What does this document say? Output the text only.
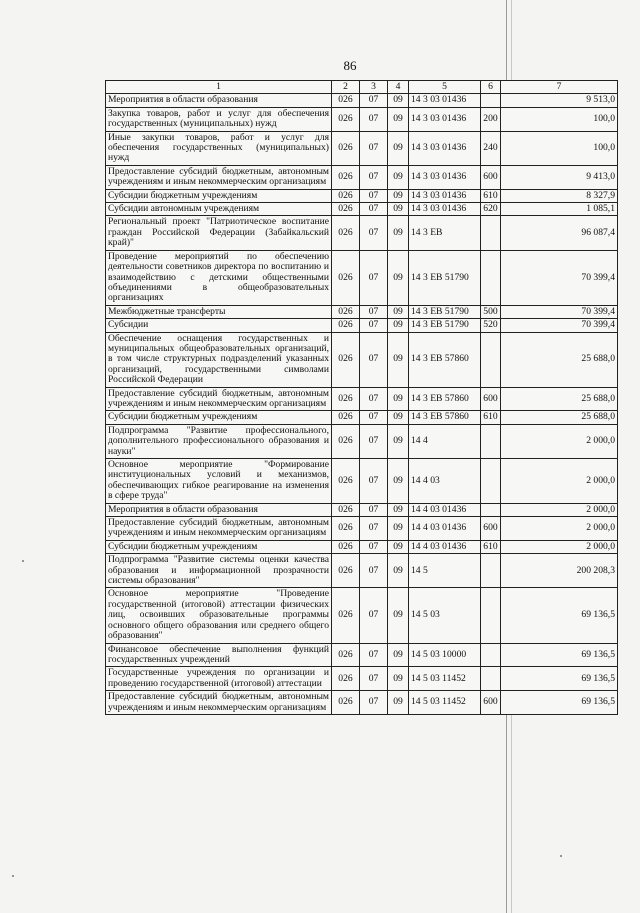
86
1	2	3	4	5	6	7
Мероприятия в области образования	026	07	09	14 3 03 01436		9 513,0
Закупка товаров, работ и услуг для обеспечения государственных (муниципальных) нужд	026	07	09	14 3 03 01436	200	100,0
Иные закупки товаров, работ и услуг для обеспечения государственных (муниципальных) нужд	026	07	09	14 3 03 01436	240	100,0
Предоставление субсидий бюджетным, автономным учреждениям и иным некоммерческим организациям	026	07	09	14 3 03 01436	600	9 413,0
Субсидии бюджетным учреждениям	026	07	09	14 3 03 01436	610	8 327,9
Субсидии автономным учреждениям	026	07	09	14 3 03 01436	620	1 085,1
Региональный проект "Патриотическое воспитание граждан Российской Федерации (Забайкальский край)"	026	07	09	14 3 ЕВ		96 087,4
Проведение мероприятий по обеспечению деятельности советников директора по воспитанию и взаимодействию с детскими общественными объединениями в общеобразовательных организациях	026	07	09	14 3 ЕВ 51790		70 399,4
Межбюджетные трансферты	026	07	09	14 3 ЕВ 51790	500	70 399,4
Субсидии	026	07	09	14 3 ЕВ 51790	520	70 399,4
Обеспечение оснащения государственных и муниципальных общеобразовательных организаций, в том числе структурных подразделений указанных организаций, государственными символами Российской Федерации	026	07	09	14 3 ЕВ 57860		25 688,0
Предоставление субсидий бюджетным, автономным учреждениям и иным некоммерческим организациям	026	07	09	14 3 ЕВ 57860	600	25 688,0
Субсидии бюджетным учреждениям	026	07	09	14 3 ЕВ 57860	610	25 688,0
Подпрограмма "Развитие профессионального, дополнительного профессионального образования и науки"	026	07	09	14 4		2 000,0
Основное мероприятие "Формирование институциональных условий и механизмов, обеспечивающих гибкое реагирование на изменения в сфере труда"	026	07	09	14 4 03		2 000,0
Мероприятия в области образования	026	07	09	14 4 03 01436		2 000,0
Предоставление субсидий бюджетным, автономным учреждениям и иным некоммерческим организациям	026	07	09	14 4 03 01436	600	2 000,0
Субсидии бюджетным учреждениям	026	07	09	14 4 03 01436	610	2 000,0
Подпрограмма "Развитие системы оценки качества образования и информационной прозрачности системы образования"	026	07	09	14 5		200 208,3
Основное мероприятие "Проведение государственной (итоговой) аттестации физических лиц, освоивших образовательные программы основного общего образования или среднего общего образования"	026	07	09	14 5 03		69 136,5
Финансовое обеспечение выполнения функций государственных учреждений	026	07	09	14 5 03 10000		69 136,5
Государственные учреждения по организации и проведению государственной (итоговой) аттестации	026	07	09	14 5 03 11452		69 136,5
Предоставление субсидий бюджетным, автономным учреждениям и иным некоммерческим организациям	026	07	09	14 5 03 11452	600	69 136,5
